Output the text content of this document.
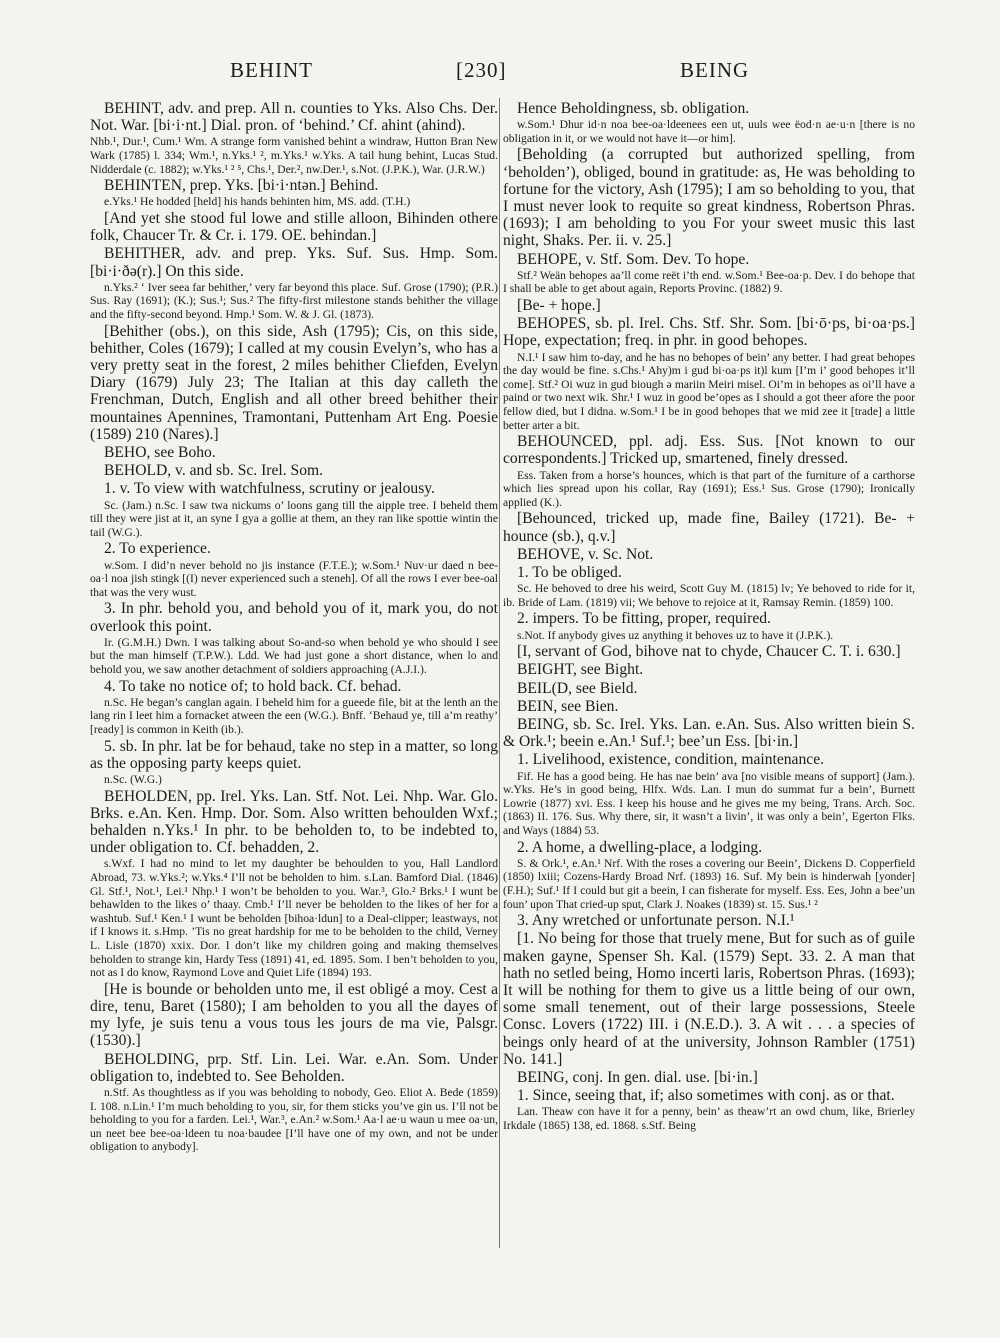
BEHINT	[230]	BEING

BEHINT, adv. and prep. All n. counties to Yks. Also Chs. Der. Not. War. [bi·i·nt.] Dial. pron. of ‘behind.’ Cf. ahint (ahind).

Nhb.¹, Dur.¹, Cum.¹ Wm. A strange form vanished behint a windraw, Hutton Bran New Wark (1785) l. 334; Wm.¹, n.Yks.¹ ², m.Yks.¹ w.Yks. A tail hung behint, Lucas Stud. Nidderdale (c. 1882); w.Yks.¹ ² ⁵, Chs.¹, Der.², nw.Der.¹, s.Not. (J.P.K.), War. (J.R.W.)

BEHINTEN, prep. Yks. [bi·i·ntən.] Behind.

e.Yks.¹ He hodded [held] his hands behinten him, MS. add. (T.H.)

[And yet she stood ful lowe and stille alloon, Bihinden othere folk, Chaucer Tr. & Cr. i. 179. OE. behindan.]

BEHITHER, adv. and prep. Yks. Suf. Sus. Hmp. Som. [bi·i·ðə(r).] On this side.

n.Yks.² ‘ Iver seea far behither,’ very far beyond this place. Suf. Grose (1790); (P.R.) Sus. Ray (1691); (K.); Sus.¹; Sus.² The fifty-first milestone stands behither the village and the fifty-second beyond. Hmp.¹ Som. W. & J. Gl. (1873).

[Behither (obs.), on this side, Ash (1795); Cis, on this side, behither, Coles (1679); I called at my cousin Evelyn’s, who has a very pretty seat in the forest, 2 miles behither Cliefden, Evelyn Diary (1679) July 23; The Italian at this day calleth the Frenchman, Dutch, English and all other breed behither their mountaines Apennines, Tramontani, Puttenham Art Eng. Poesie (1589) 210 (Nares).]

BEHO, see Boho.

BEHOLD, v. and sb. Sc. Irel. Som.

1. v. To view with watchfulness, scrutiny or jealousy.

Sc. (Jam.) n.Sc. I saw twa nickums o’ loons gang till the aipple tree. I beheld them till they were jist at it, an syne I gya a gollie at them, an they ran like spottie wintin the tail (W.G.).

2. To experience.

w.Som. I did’n never behold no jis instance (F.T.E.); w.Som.¹ Nuv·ur daed n bee-oa·l noa jish stingk [(I) never experienced such a steneh]. Of all the rows I ever bee-oal that was the very wust.

3. In phr. behold you, and behold you of it, mark you, do not overlook this point.

Ir. (G.M.H.) Dwn. I was talking about So-and-so when behold ye who should I see but the man himself (T.P.W.). Ldd. We had just gone a short distance, when lo and behold you, we saw another detachment of soldiers approaching (A.J.I.).

4. To take no notice of; to hold back. Cf. behad.

n.Sc. He began’s canglan again. I beheld him for a gueede file, bit at the lenth an the lang rin I leet him a fornacket atween the een (W.G.). Bnff. ‘Behaud ye, till a’m reathy’ [ready] is common in Keith (ib.).

5. sb. In phr. lat be for behaud, take no step in a matter, so long as the opposing party keeps quiet.

n.Sc. (W.G.)

BEHOLDEN, pp. Irel. Yks. Lan. Stf. Not. Lei. Nhp. War. Glo. Brks. e.An. Ken. Hmp. Dor. Som. Also written behoulden Wxf.; behalden n.Yks.¹ In phr. to be beholden to, to be indebted to, under obligation to. Cf. behadden, 2.

s.Wxf. I had no mind to let my daughter be behoulden to you, Hall Landlord Abroad, 73. w.Yks.²; w.Yks.⁴ I’ll not be beholden to him. s.Lan. Bamford Dial. (1846) Gl. Stf.¹, Not.¹, Lei.¹ Nhp.¹ I won’t be beholden to you. War.³, Glo.² Brks.¹ I wunt be behawlden to the likes o’ thaay. Cmb.¹ I’ll never be beholden to the likes of her for a washtub. Suf.¹ Ken.¹ I wunt be beholden [bihoa·ldun] to a Deal-clipper; leastways, not if I knows it. s.Hmp. ’Tis no great hardship for me to be beholden to the child, Verney L. Lisle (1870) xxix. Dor. I don’t like my children going and making themselves beholden to strange kin, Hardy Tess (1891) 41, ed. 1895. Som. I ben’t beholden to you, not as I do know, Raymond Love and Quiet Life (1894) 193.

[He is bounde or beholden unto me, il est obligé a moy. Cest a dire, tenu, Baret (1580); I am beholden to you all the dayes of my lyfe, je suis tenu a vous tous les jours de ma vie, Palsgr. (1530).]

BEHOLDING, prp. Stf. Lin. Lei. War. e.An. Som. Under obligation to, indebted to. See Beholden.

n.Stf. As thoughtless as if you was beholding to nobody, Geo. Eliot A. Bede (1859) I. 108. n.Lin.¹ I’m much beholding to you, sir, for them sticks you’ve gin us. I’ll not be beholding to you for a farden. Lei.¹, War.³, e.An.² w.Som.¹ Aa·l ae·u waun u mee oa·un, un neet bee bee-oa·ldeen tu noa·baudee [I’ll have one of my own, and not be under obligation to anybody].

Hence Beholdingness, sb. obligation.

w.Som.¹ Dhur id·n noa bee-oa·ldeenees een ut, uuls wee ëod·n ae·u·n [there is no obligation in it, or we would not have it—or him].

[Beholding (a corrupted but authorized spelling, from ‘beholden’), obliged, bound in gratitude: as, He was beholding to fortune for the victory, Ash (1795); I am so beholding to you, that I must never look to requite so great kindness, Robertson Phras. (1693); I am beholding to you For your sweet music this last night, Shaks. Per. ii. v. 25.]

BEHOPE, v. Stf. Som. Dev. To hope.

Stf.² Weän behopes aa’ll come reët i’th end. w.Som.¹ Bee-oa·p. Dev. I do behope that I shall be able to get about again, Reports Provinc. (1882) 9.

[Be- + hope.]

BEHOPES, sb. pl. Irel. Chs. Stf. Shr. Som. [bi·ō·ps, bi·oa·ps.] Hope, expectation; freq. in phr. in good behopes.

N.I.¹ I saw him to-day, and he has no behopes of bein’ any better. I had great behopes the day would be fine. s.Chs.¹ Ahy)m i gud bi·oa·ps it)l kum [I’m i’ good behopes it’ll come]. Stf.² Oi wuz in gud biough ə mariin Meiri misel. Oi’m in behopes as oi’ll have a paind or two next wik. Shr.¹ I wuz in good be’opes as I should a got theer afore the poor fellow died, but I didna. w.Som.¹ I be in good behopes that we mid zee it [trade] a little better arter a bit.

BEHOUNCED, ppl. adj. Ess. Sus. [Not known to our correspondents.] Tricked up, smartened, finely dressed.

Ess. Taken from a horse’s hounces, which is that part of the furniture of a carthorse which lies spread upon his collar, Ray (1691); Ess.¹ Sus. Grose (1790); Ironically applied (K.).

[Behounced, tricked up, made fine, Bailey (1721). Be- + hounce (sb.), q.v.]

BEHOVE, v. Sc. Not.

1. To be obliged.

Sc. He behoved to dree his weird, Scott Guy M. (1815) lv; Ye behoved to ride for it, ib. Bride of Lam. (1819) vii; We behove to rejoice at it, Ramsay Remin. (1859) 100.

2. impers. To be fitting, proper, required.

s.Not. If anybody gives uz anything it behoves uz to have it (J.P.K.).

[I, servant of God, bihove nat to chyde, Chaucer C. T. i. 630.]

BEIGHT, see Bight.

BEIL(D, see Bield.

BEIN, see Bien.

BEING, sb. Sc. Irel. Yks. Lan. e.An. Sus. Also written biein S. & Ork.¹; beein e.An.¹ Suf.¹; bee’un Ess. [bi·in.]

1. Livelihood, existence, condition, maintenance.

Fif. He has a good being. He has nae bein’ ava [no visible means of support] (Jam.). w.Yks. He’s in good being, Hlfx. Wds. Lan. I mun do summat fur a bein’, Burnett Lowrie (1877) xvi. Ess. I keep his house and he gives me my being, Trans. Arch. Soc. (1863) II. 176. Sus. Why there, sir, it wasn’t a livin’, it was only a bein’, Egerton Flks. and Ways (1884) 53.

2. A home, a dwelling-place, a lodging.

S. & Ork.¹, e.An.¹ Nrf. With the roses a covering our Beein’, Dickens D. Copperfield (1850) lxiii; Cozens-Hardy Broad Nrf. (1893) 16. Suf. My bein is hinderwah [yonder] (F.H.); Suf.¹ If I could but git a beein, I can fisherate for myself. Ess. Ees, John a bee’un foun’ upon That cried-up sput, Clark J. Noakes (1839) st. 15. Sus.¹ ²

3. Any wretched or unfortunate person. N.I.¹

[1. No being for those that truely mene, But for such as of guile maken gayne, Spenser Sh. Kal. (1579) Sept. 33. 2. A man that hath no setled being, Homo incerti laris, Robertson Phras. (1693); It will be nothing for them to give us a little being of our own, some small tenement, out of their large possessions, Steele Consc. Lovers (1722) III. i (N.E.D.). 3. A wit . . . a species of beings only heard of at the university, Johnson Rambler (1751) No. 141.]

BEING, conj. In gen. dial. use. [bi·in.]

1. Since, seeing that, if; also sometimes with conj. as or that.

Lan. Theaw con have it for a penny, bein’ as theaw’rt an owd chum, like, Brierley Irkdale (1865) 138, ed. 1868. s.Stf. Being
